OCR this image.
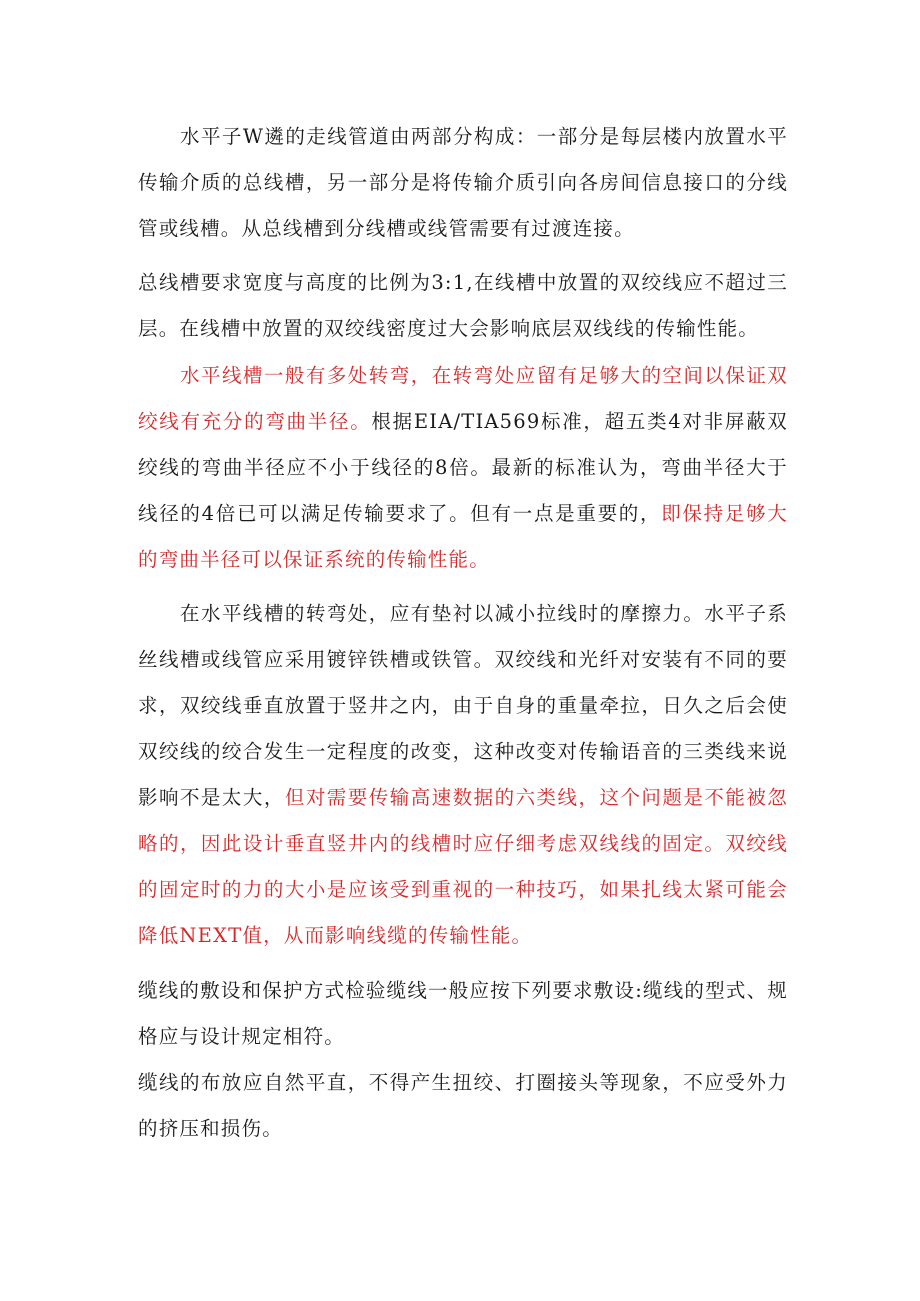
水平子W遴的走线管道由两部分构成：一部分是每层楼内放置水平传输介质的总线槽，另一部分是将传输介质引向各房间信息接口的分线管或线槽。从总线槽到分线槽或线管需要有过渡连接。

总线槽要求宽度与高度的比例为3:1,在线槽中放置的双绞线应不超过三层。在线槽中放置的双绞线密度过大会影响底层双线线的传输性能。

水平线槽一般有多处转弯，在转弯处应留有足够大的空间以保证双绞线有充分的弯曲半径。根据EIA/TIA569标准，超五类4对非屏蔽双绞线的弯曲半径应不小于线径的8倍。最新的标准认为，弯曲半径大于线径的4倍已可以满足传输要求了。但有一点是重要的，即保持足够大的弯曲半径可以保证系统的传输性能。

在水平线槽的转弯处，应有垫衬以减小拉线时的摩擦力。水平子系丝线槽或线管应采用镀锌铁槽或铁管。双绞线和光纤对安装有不同的要求，双绞线垂直放置于竖井之内，由于自身的重量牵拉，日久之后会使双绞线的绞合发生一定程度的改变，这种改变对传输语音的三类线来说影响不是太大，但对需要传输高速数据的六类线，这个问题是不能被忽略的，因此设计垂直竖井内的线槽时应仔细考虑双线线的固定。双绞线的固定时的力的大小是应该受到重视的一种技巧，如果扎线太紧可能会降低NEXT值，从而影响线缆的传输性能。

缆线的敷设和保护方式检验缆线一般应按下列要求敷设:缆线的型式、规格应与设计规定相符。

缆线的布放应自然平直，不得产生扭绞、打圈接头等现象，不应受外力的挤压和损伤。
